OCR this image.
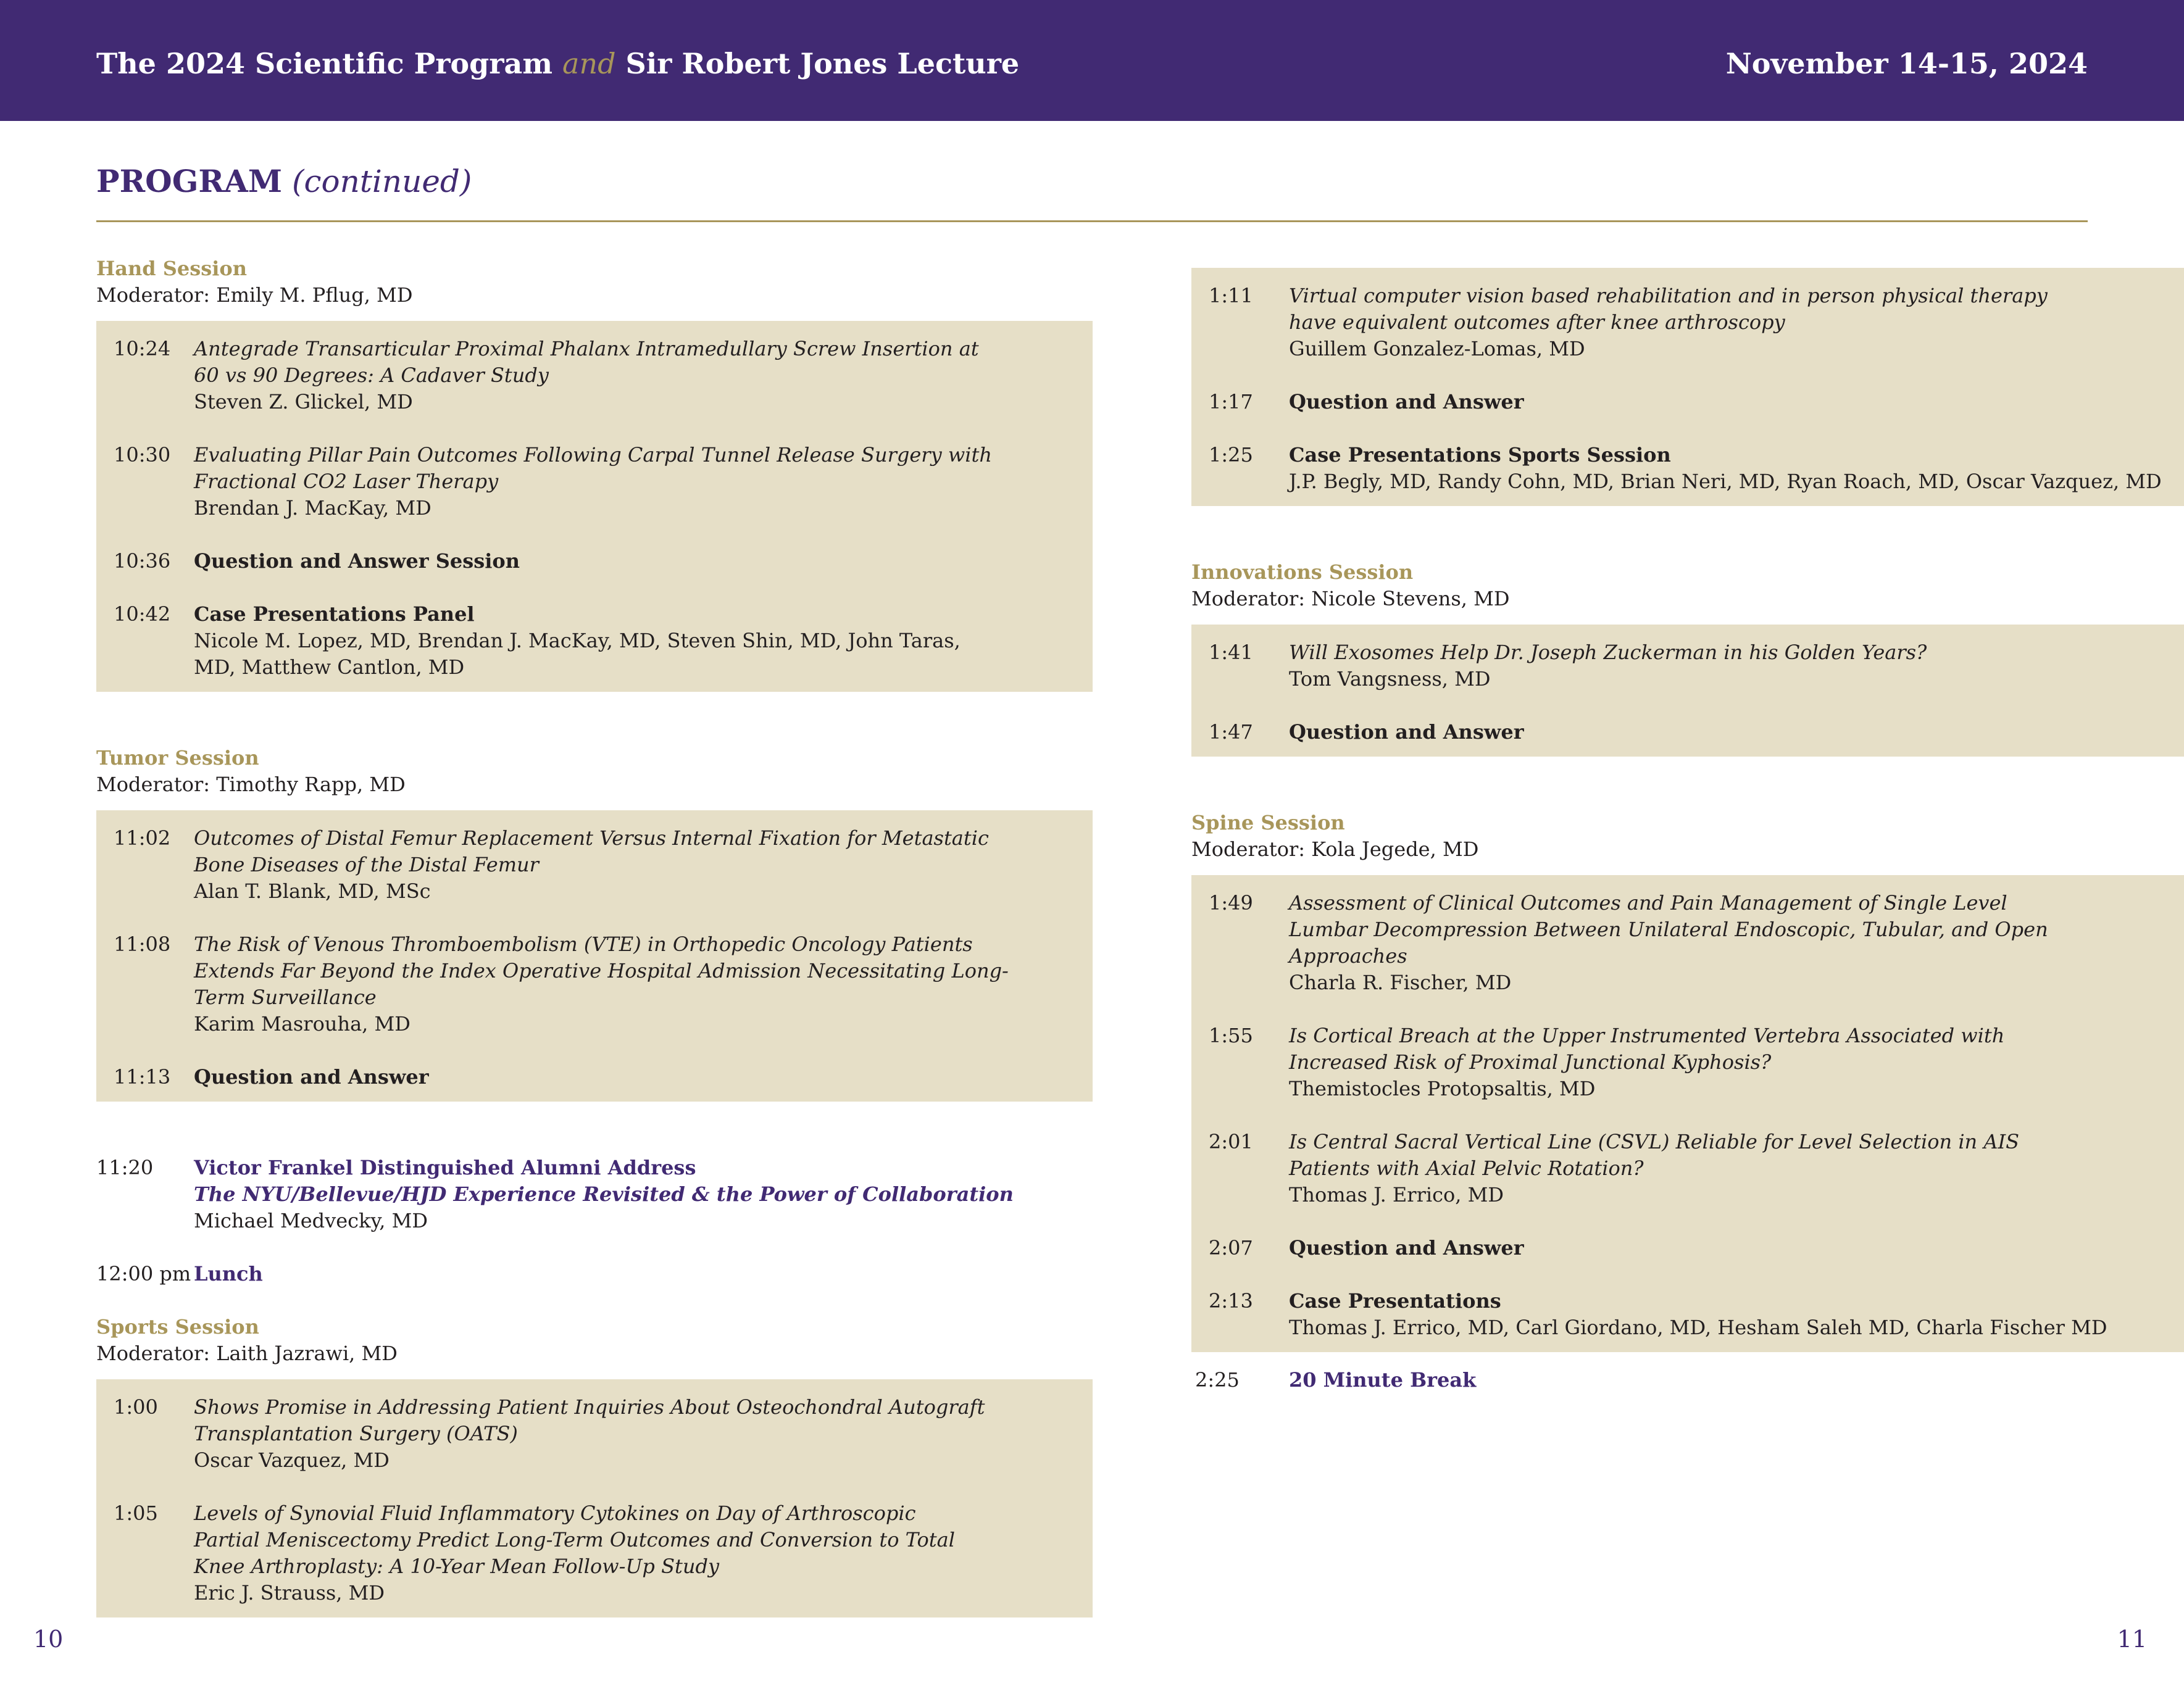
The 2024 Scientific Program and Sir Robert Jones Lecture	November 14-15, 2024
PROGRAM (continued)
Hand Session
Moderator: Emily M. Pflug, MD
10:24	Antegrade Transarticular Proximal Phalanx Intramedullary Screw Insertion at 60 vs 90 Degrees: A Cadaver Study
Steven Z. Glickel, MD
10:30	Evaluating Pillar Pain Outcomes Following Carpal Tunnel Release Surgery with Fractional CO2 Laser Therapy
Brendan J. MacKay, MD
10:36	Question and Answer Session
10:42	Case Presentations Panel
Nicole M. Lopez, MD, Brendan J. MacKay, MD, Steven Shin, MD, John Taras, MD, Matthew Cantlon, MD
Tumor Session
Moderator: Timothy Rapp, MD
11:02	Outcomes of Distal Femur Replacement Versus Internal Fixation for Metastatic Bone Diseases of the Distal Femur
Alan T. Blank, MD, MSc
11:08	The Risk of Venous Thromboembolism (VTE) in Orthopedic Oncology Patients Extends Far Beyond the Index Operative Hospital Admission Necessitating Long-Term Surveillance
Karim Masrouha, MD
11:13	Question and Answer
11:20	Victor Frankel Distinguished Alumni Address
The NYU/Bellevue/HJD Experience Revisited & the Power of Collaboration
Michael Medvecky, MD
12:00 pm Lunch
Sports Session
Moderator: Laith Jazrawi, MD
1:00	Shows Promise in Addressing Patient Inquiries About Osteochondral Autograft Transplantation Surgery (OATS)
Oscar Vazquez, MD
1:05	Levels of Synovial Fluid Inflammatory Cytokines on Day of Arthroscopic Partial Meniscectomy Predict Long-Term Outcomes and Conversion to Total Knee Arthroplasty: A 10-Year Mean Follow-Up Study
Eric J. Strauss, MD
1:11	Virtual computer vision based rehabilitation and in person physical therapy have equivalent outcomes after knee arthroscopy
Guillem Gonzalez-Lomas, MD
1:17	Question and Answer
1:25	Case Presentations Sports Session
J.P. Begly, MD, Randy Cohn, MD, Brian Neri, MD, Ryan Roach, MD, Oscar Vazquez, MD
Innovations Session
Moderator: Nicole Stevens, MD
1:41	Will Exosomes Help Dr. Joseph Zuckerman in his Golden Years?
Tom Vangsness, MD
1:47	Question and Answer
Spine Session
Moderator: Kola Jegede, MD
1:49	Assessment of Clinical Outcomes and Pain Management of Single Level Lumbar Decompression Between Unilateral Endoscopic, Tubular, and Open Approaches
Charla R. Fischer, MD
1:55	Is Cortical Breach at the Upper Instrumented Vertebra Associated with Increased Risk of Proximal Junctional Kyphosis?
Themistocles Protopsaltis, MD
2:01	Is Central Sacral Vertical Line (CSVL) Reliable for Level Selection in AIS Patients with Axial Pelvic Rotation?
Thomas J. Errico, MD
2:07	Question and Answer
2:13	Case Presentations
Thomas J. Errico, MD, Carl Giordano, MD, Hesham Saleh MD, Charla Fischer MD
2:25	20 Minute Break
10	11
